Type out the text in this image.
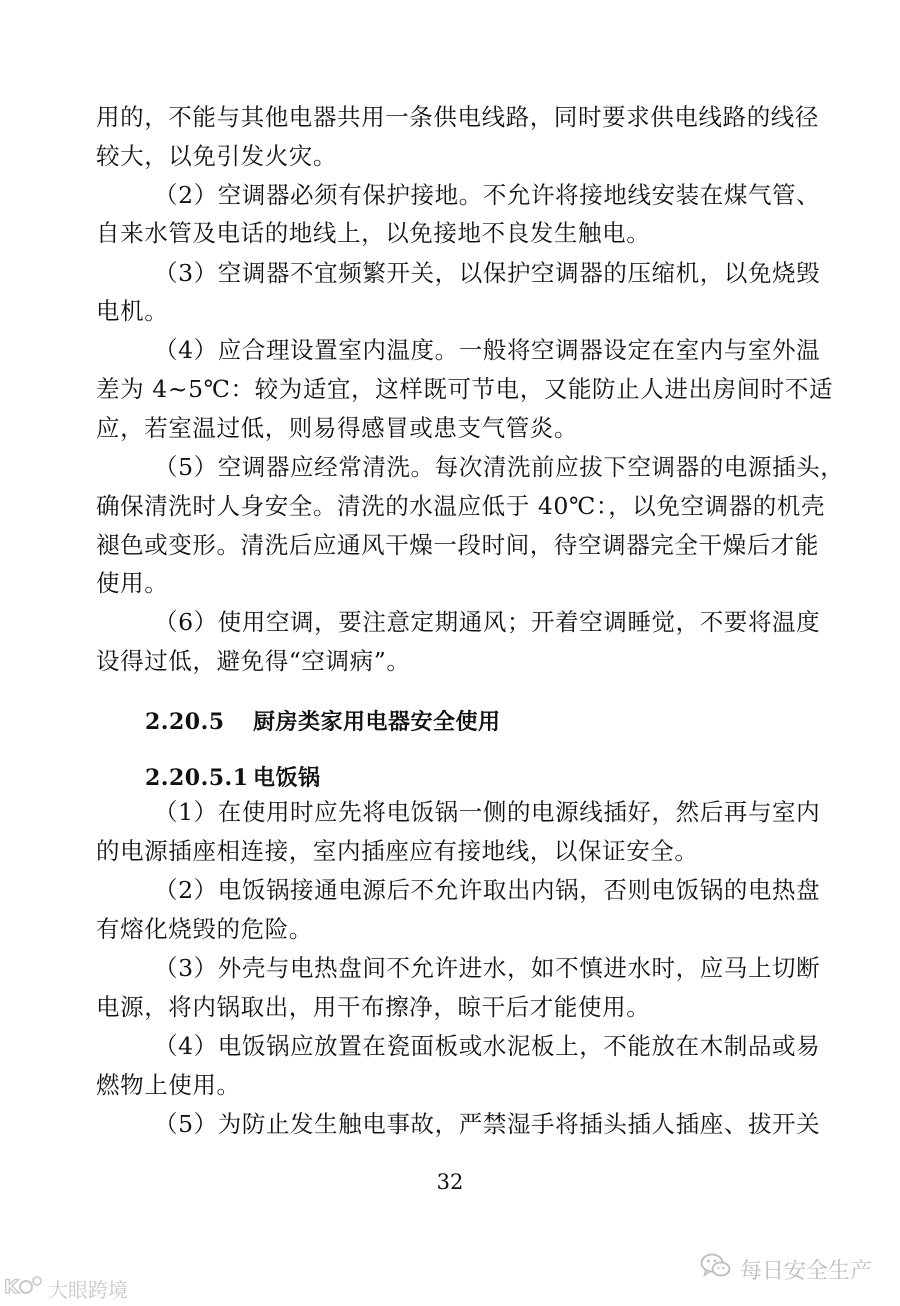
用的，不能与其他电器共用一条供电线路，同时要求供电线路的线径
较大，以免引发火灾。
（2）空调器必须有保护接地。不允许将接地线安装在煤气管、
自来水管及电话的地线上，以免接地不良发生触电。
（3）空调器不宜频繁开关，以保护空调器的压缩机，以免烧毁
电机。
（4）应合理设置室内温度。一般将空调器设定在室内与室外温
差为 4~5℃：较为适宜，这样既可节电，又能防止人进出房间时不适
应，若室温过低，则易得感冒或患支气管炎。
（5）空调器应经常清洗。每次清洗前应拔下空调器的电源插头，
确保清洗时人身安全。清洗的水温应低于 40℃：，以免空调器的机壳
褪色或变形。清洗后应通风干燥一段时间，待空调器完全干燥后才能
使用。
（6）使用空调，要注意定期通风；开着空调睡觉，不要将温度
设得过低，避免得“空调病”。
2.20.5 厨房类家用电器安全使用
2.20.5.1 电饭锅
（1）在使用时应先将电饭锅一侧的电源线插好，然后再与室内
的电源插座相连接，室内插座应有接地线，以保证安全。
（2）电饭锅接通电源后不允许取出内锅，否则电饭锅的电热盘
有熔化烧毁的危险。
（3）外壳与电热盘间不允许进水，如不慎进水时，应马上切断
电源，将内锅取出，用干布擦净，晾干后才能使用。
（4）电饭锅应放置在瓷面板或水泥板上，不能放在木制品或易
燃物上使用。
（5）为防止发生触电事故，严禁湿手将插头插人插座、拔开关
32
K 大眼跨境
每日安全生产
